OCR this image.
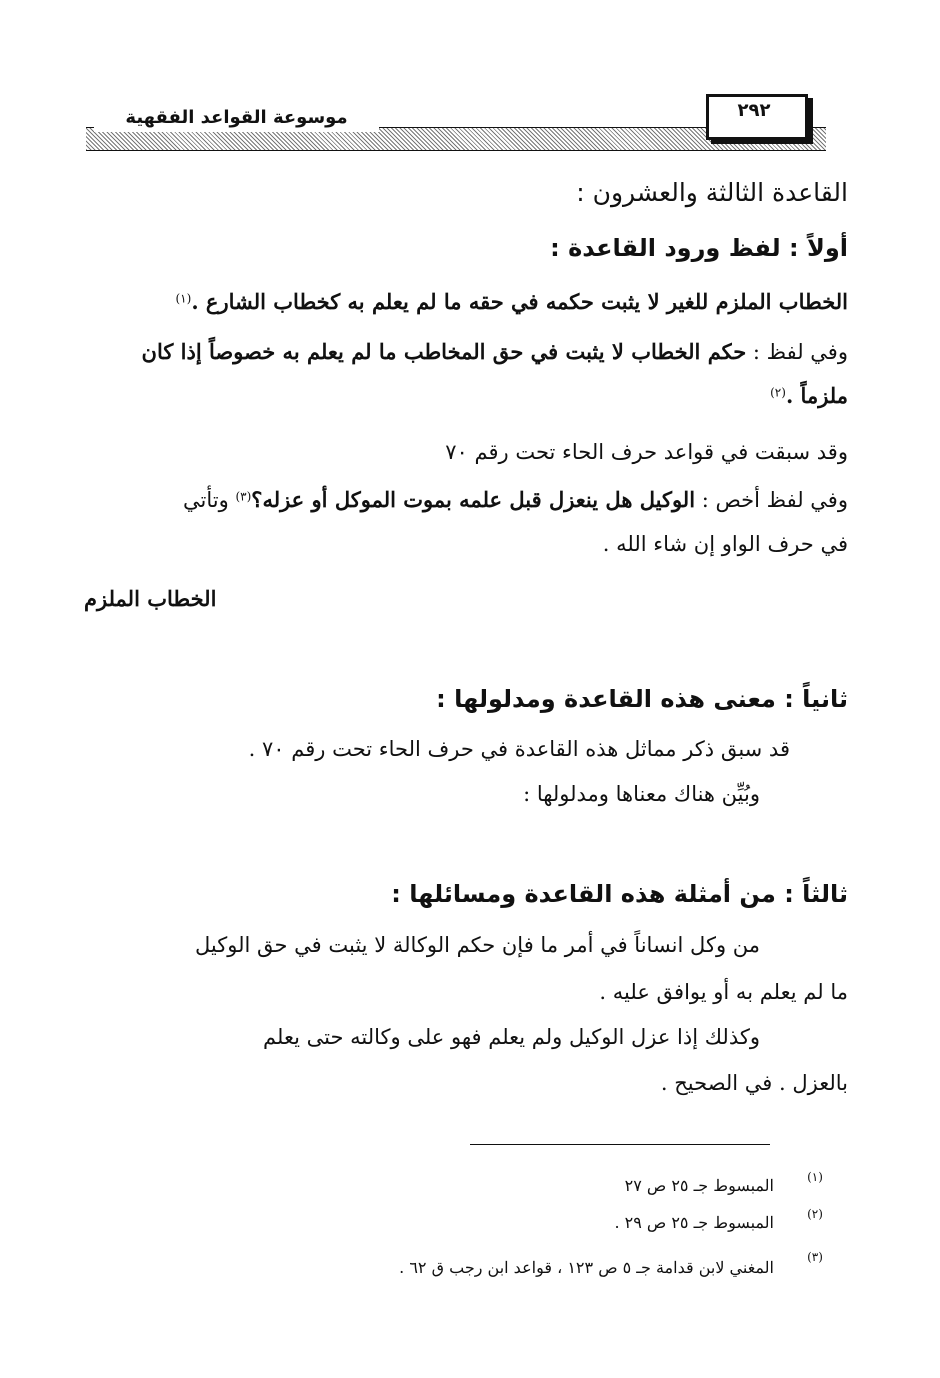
موسوعة القواعد الفقهية	٢٩٢
القاعدة الثالثة والعشرون :
أولاً : لفظ ورود القاعدة :
الخطاب الملزم للغير لا يثبت حكمه في حقه ما لم يعلم به كخطاب الشارع .$^{(١)}$
وفي لفظ : حكم الخطاب لا يثبت في حق المخاطب ما لم يعلم به خصوصاً إذا كان
ملزماً .$^{(٢)}$
وقد سبقت في قواعد حرف الحاء تحت رقم ٧٠
وفي لفظ أخص : الوكيل هل ينعزل قبل علمه بموت الموكل أو عزله؟$^{(٣)}$ وتأتي
في حرف الواو إن شاء الله .
الخطاب الملزم
ثانياً : معنى هذه القاعدة ومدلولها :
قد سبق ذكر مماثل هذه القاعدة في حرف الحاء تحت رقم ٧٠ .
وبُيِّن هناك معناها ومدلولها :
ثالثاً : من أمثلة هذه القاعدة ومسائلها :
من وكل انساناً في أمر ما فإن حكم الوكالة لا يثبت في حق الوكيل
ما لم يعلم به أو يوافق عليه .
وكذلك إذا عزل الوكيل ولم يعلم فهو على وكالته حتى يعلم
بالعزل . في الصحيح .
(١)
المبسوط جـ ٢٥ ص ٢٧
(٢)
المبسوط جـ ٢٥ ص ٢٩ .
(٣)
المغني لابن قدامة جـ ٥ ص ١٢٣ ، قواعد ابن رجب ق ٦٢ .
